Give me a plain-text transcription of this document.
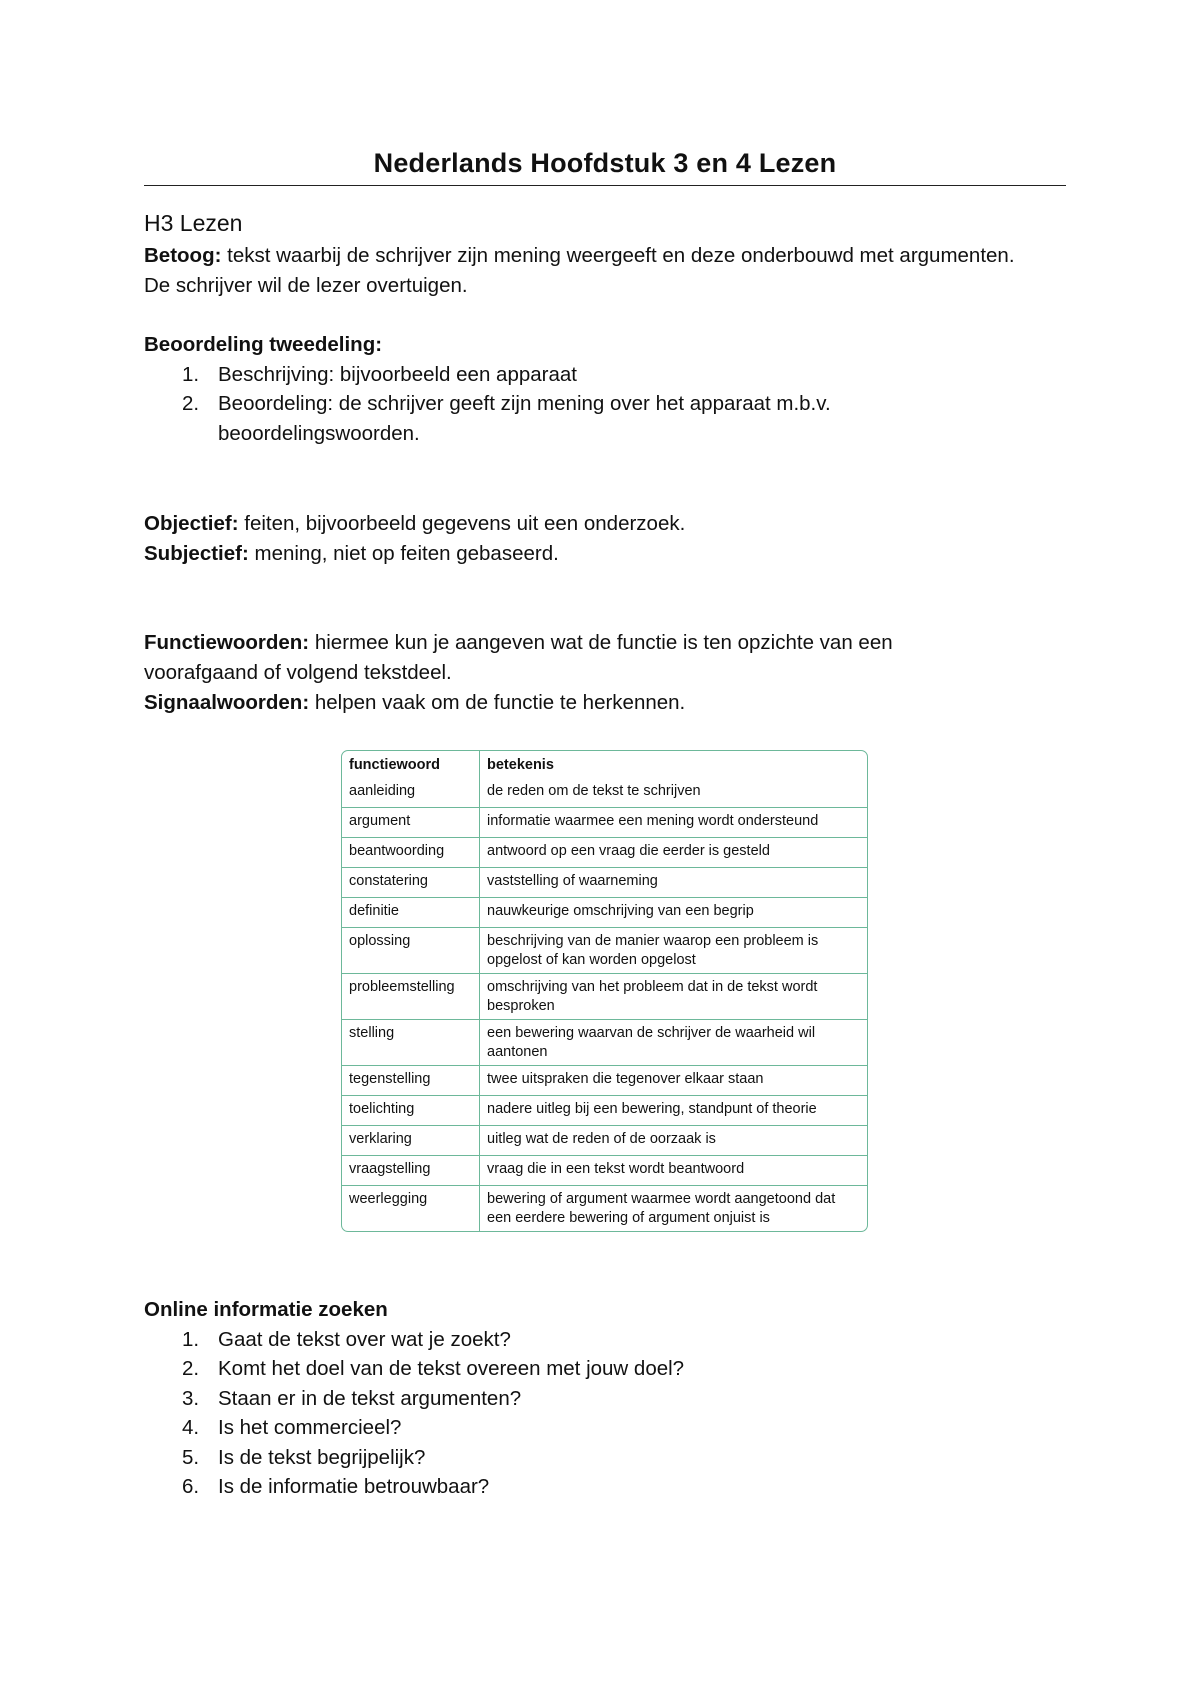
Nederlands Hoofdstuk 3 en 4 Lezen
H3 Lezen
Betoog: tekst waarbij de schrijver zijn mening weergeeft en deze onderbouwd met argumenten. De schrijver wil de lezer overtuigen.
Beoordeling tweedeling:
1. Beschrijving: bijvoorbeeld een apparaat
2. Beoordeling: de schrijver geeft zijn mening over het apparaat m.b.v. beoordelingswoorden.
Objectief: feiten, bijvoorbeeld gegevens uit een onderzoek.
Subjectief: mening, niet op feiten gebaseerd.
Functiewoorden: hiermee kun je aangeven wat de functie is ten opzichte van een voorafgaand of volgend tekstdeel.
Signaalwoorden: helpen vaak om de functie te herkennen.
functiewoord	betekenis
aanleiding	de reden om de tekst te schrijven
argument	informatie waarmee een mening wordt ondersteund
beantwoording	antwoord op een vraag die eerder is gesteld
constatering	vaststelling of waarneming
definitie	nauwkeurige omschrijving van een begrip
oplossing	beschrijving van de manier waarop een probleem is opgelost of kan worden opgelost
probleemstelling	omschrijving van het probleem dat in de tekst wordt besproken
stelling	een bewering waarvan de schrijver de waarheid wil aantonen
tegenstelling	twee uitspraken die tegenover elkaar staan
toelichting	nadere uitleg bij een bewering, standpunt of theorie
verklaring	uitleg wat de reden of de oorzaak is
vraagstelling	vraag die in een tekst wordt beantwoord
weerlegging	bewering of argument waarmee wordt aangetoond dat een eerdere bewering of argument onjuist is
Online informatie zoeken
1. Gaat de tekst over wat je zoekt?
2. Komt het doel van de tekst overeen met jouw doel?
3. Staan er in de tekst argumenten?
4. Is het commercieel?
5. Is de tekst begrijpelijk?
6. Is de informatie betrouwbaar?
